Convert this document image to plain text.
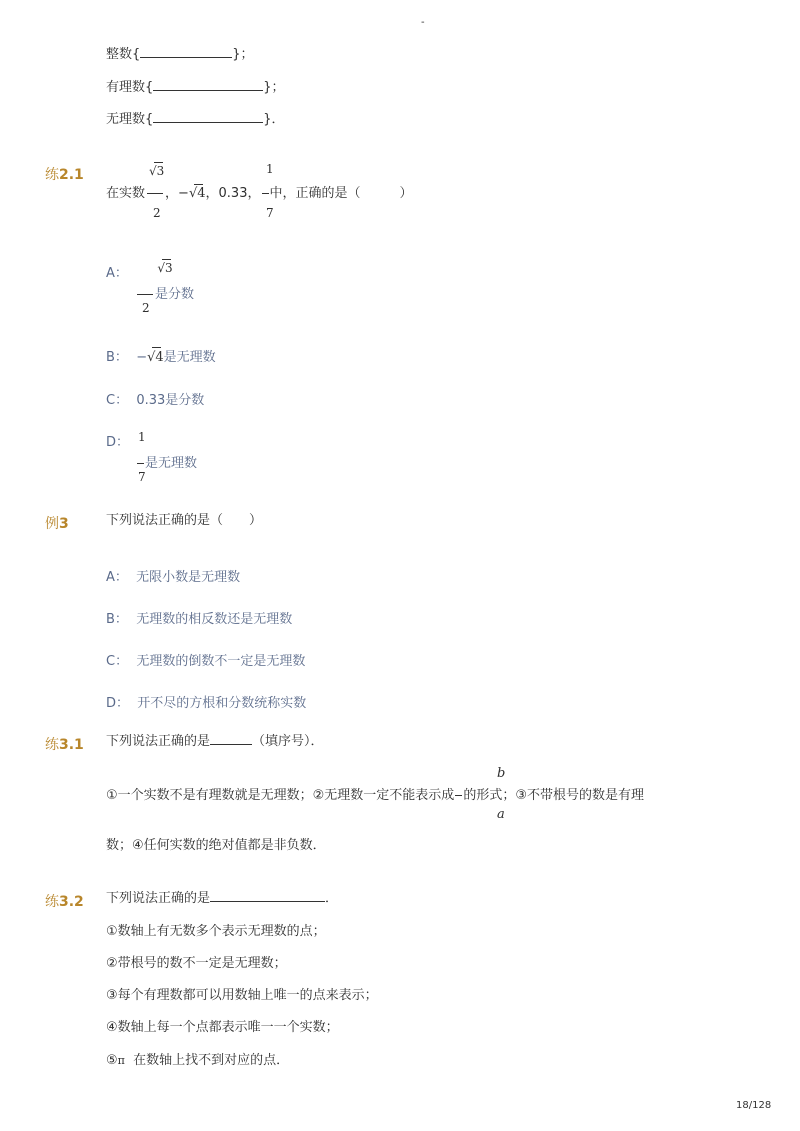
-
整数{	}；
有理数{	}；
无理数{	}．
练2.1	√3
	1
在实数 ，−√4
，0.33， 中，正确的是（　　　）
2	7
A： √3
是分数
2
B： −√4
是无理数
C： 0.33是分数
D： 1
是无理数
7
例3	下列说法正确的是（　　）
A： 无限小数是无理数
B： 无理数的相反数还是无理数
C： 无理数的倒数不一定是无理数
D： 开不尽的方根和分数统称实数
练3.1 下列说法正确的是	（填序号）．
b
①一个实数不是有理数就是无理数；②无理数一定不能表示成 的形式；③不带根号的数是有理
a
数；④任何实数的绝对值都是非负数．
练3.2 下列说法正确的是	．
①数轴上有无数多个表示无理数的点；
②带根号的数不一定是无理数；
③每个有理数都可以用数轴上唯一的点来表示；
④数轴上每一个点都表示唯一一个实数；
⑤π 在数轴上找不到对应的点．
18/128
